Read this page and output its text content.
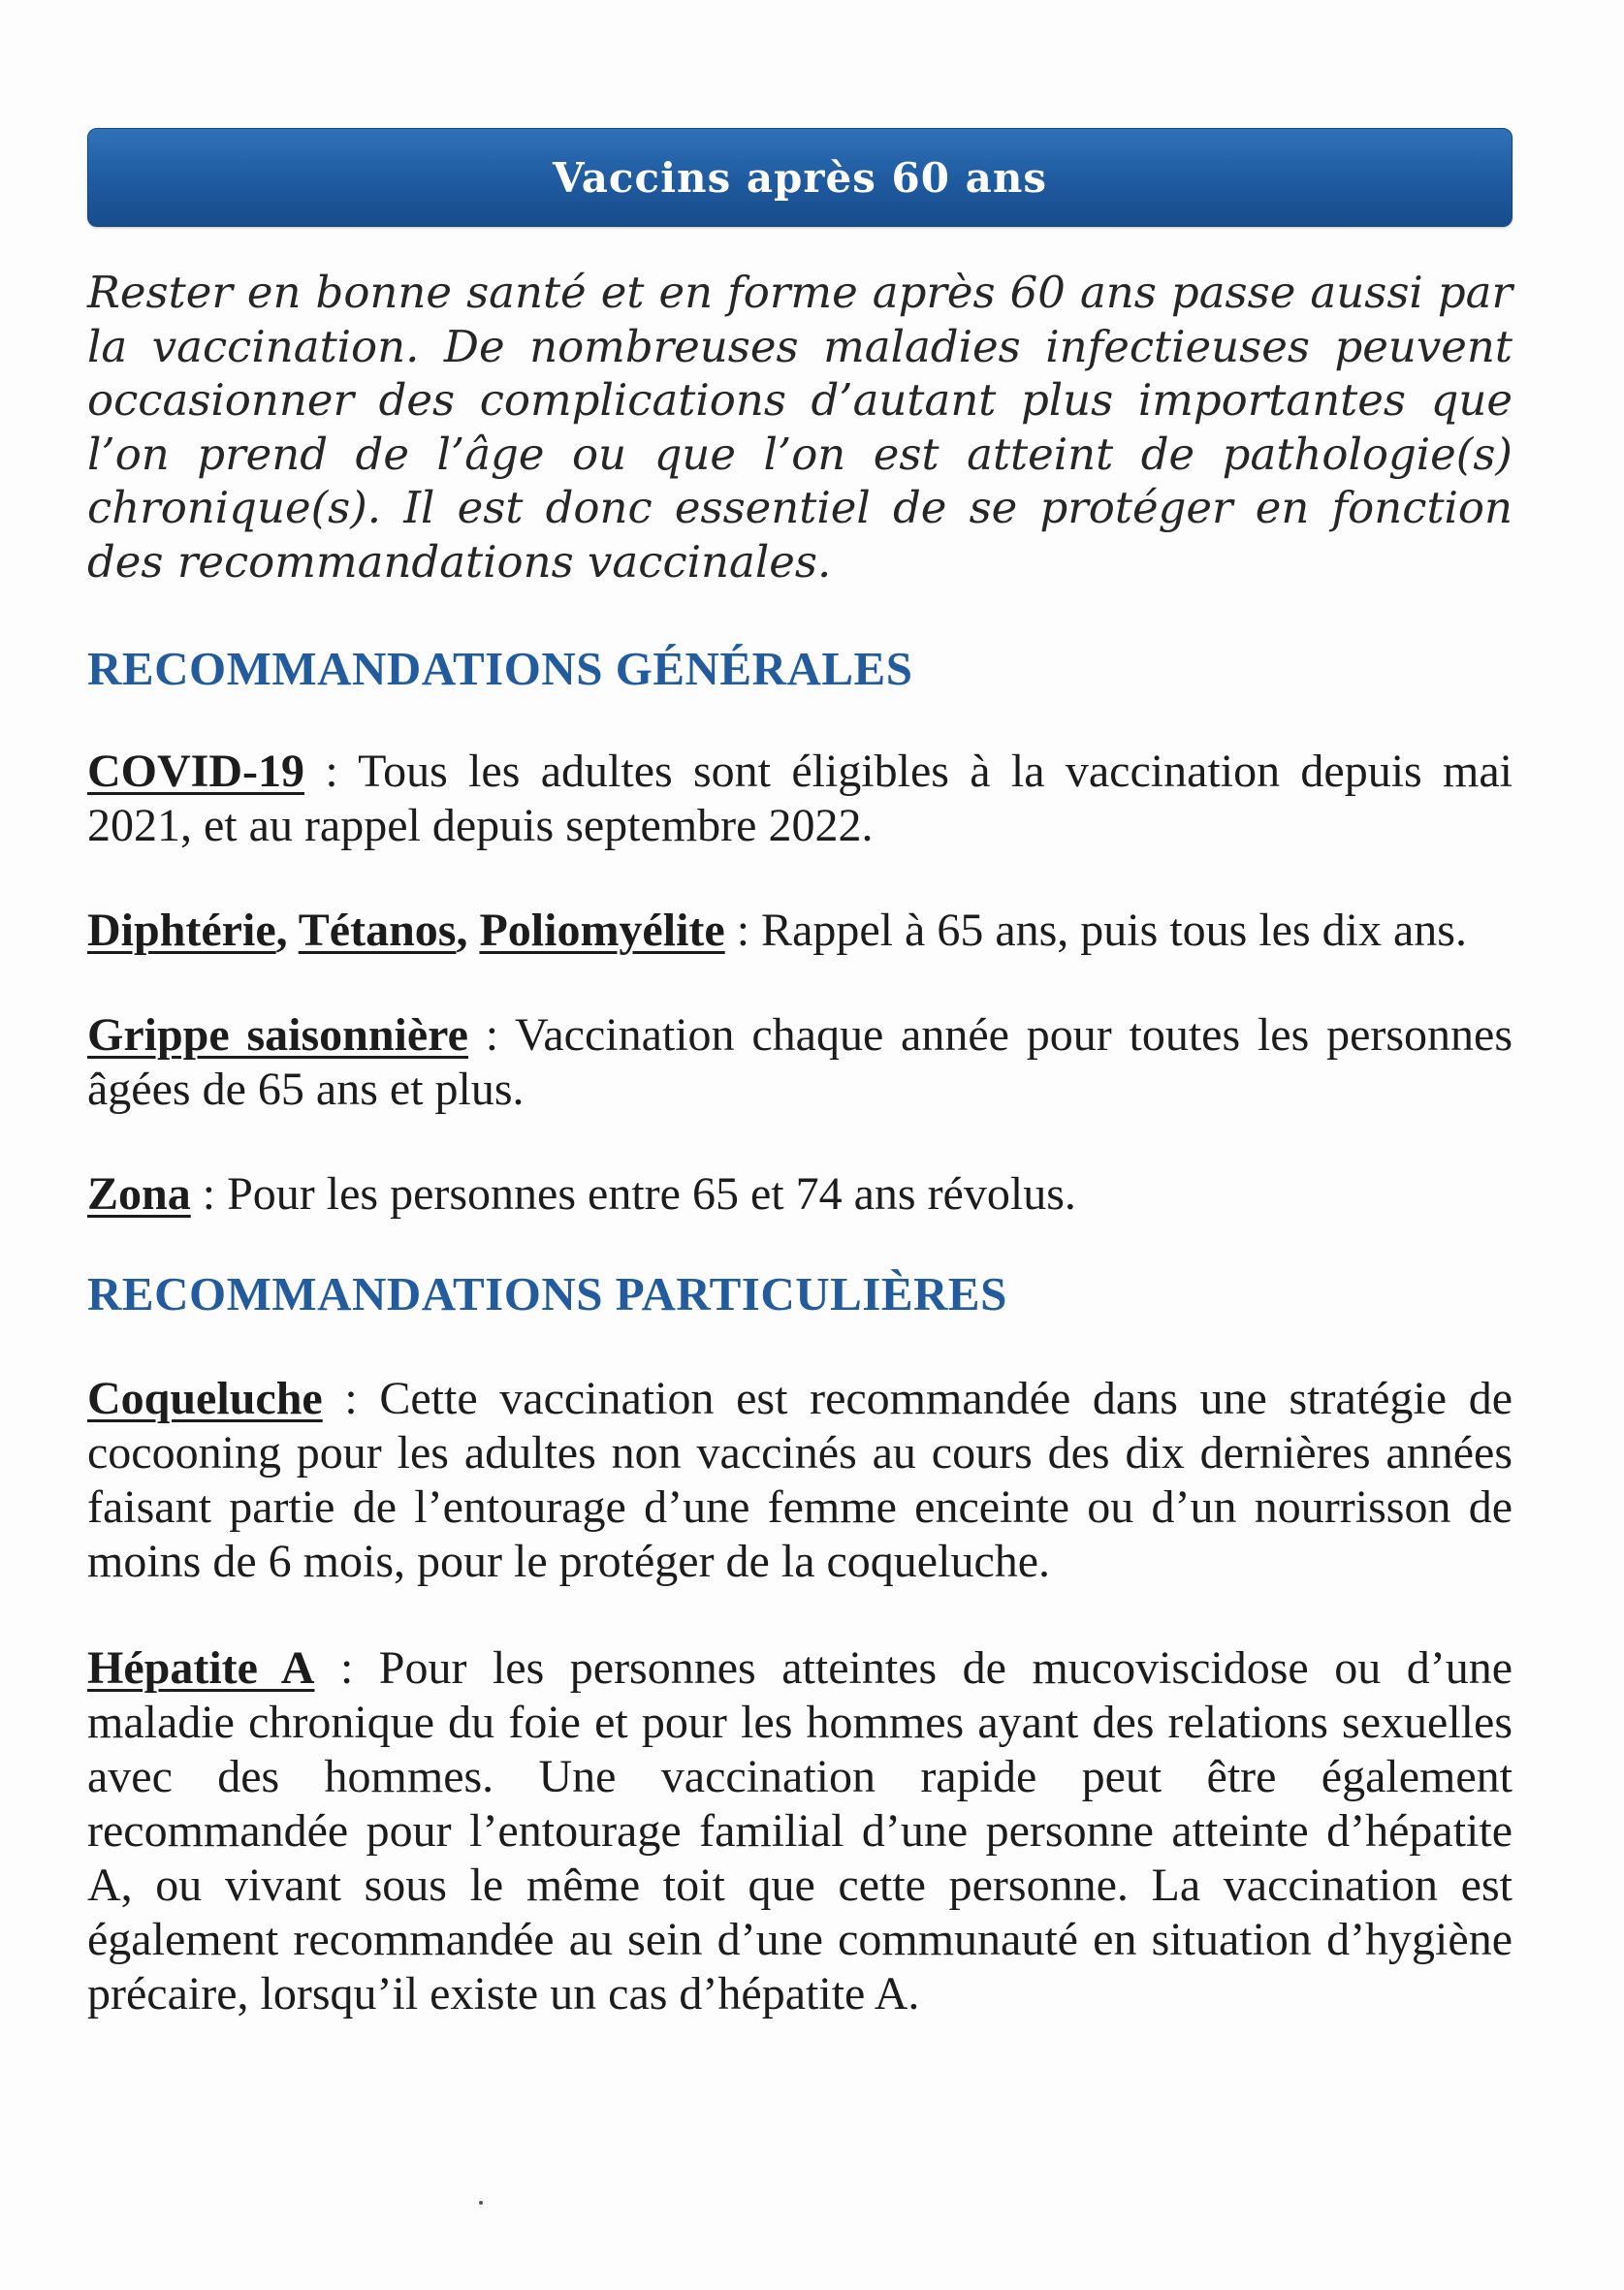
Vaccins après 60 ans

Rester en bonne santé et en forme après 60 ans passe aussi par la vaccination. De nombreuses maladies infectieuses peuvent occasionner des complications d’autant plus importantes que l’on prend de l’âge ou que l’on est atteint de pathologie(s) chronique(s). Il est donc essentiel de se protéger en fonction des recommandations vaccinales.

RECOMMANDATIONS GÉNÉRALES
COVID-19 : Tous les adultes sont éligibles à la vaccination depuis mai 2021, et au rappel depuis septembre 2022.
Diphtérie, Tétanos, Poliomyélite : Rappel à 65 ans, puis tous les dix ans.
Grippe saisonnière : Vaccination chaque année pour toutes les personnes âgées de 65 ans et plus.
Zona : Pour les personnes entre 65 et 74 ans révolus.
RECOMMANDATIONS PARTICULIÈRES
Coqueluche : Cette vaccination est recommandée dans une stratégie de cocooning pour les adultes non vaccinés au cours des dix dernières années faisant partie de l’entourage d’une femme enceinte ou d’un nourrisson de moins de 6 mois, pour le protéger de la coqueluche.
Hépatite A : Pour les personnes atteintes de mucoviscidose ou d’une maladie chronique du foie et pour les hommes ayant des relations sexuelles avec des hommes. Une vaccination rapide peut être également recommandée pour l’entourage familial d’une personne atteinte d’hépatite A, ou vivant sous le même toit que cette personne. La vaccination est également recommandée au sein d’une communauté en situation d’hygiène précaire, lorsqu’il existe un cas d’hépatite A.
